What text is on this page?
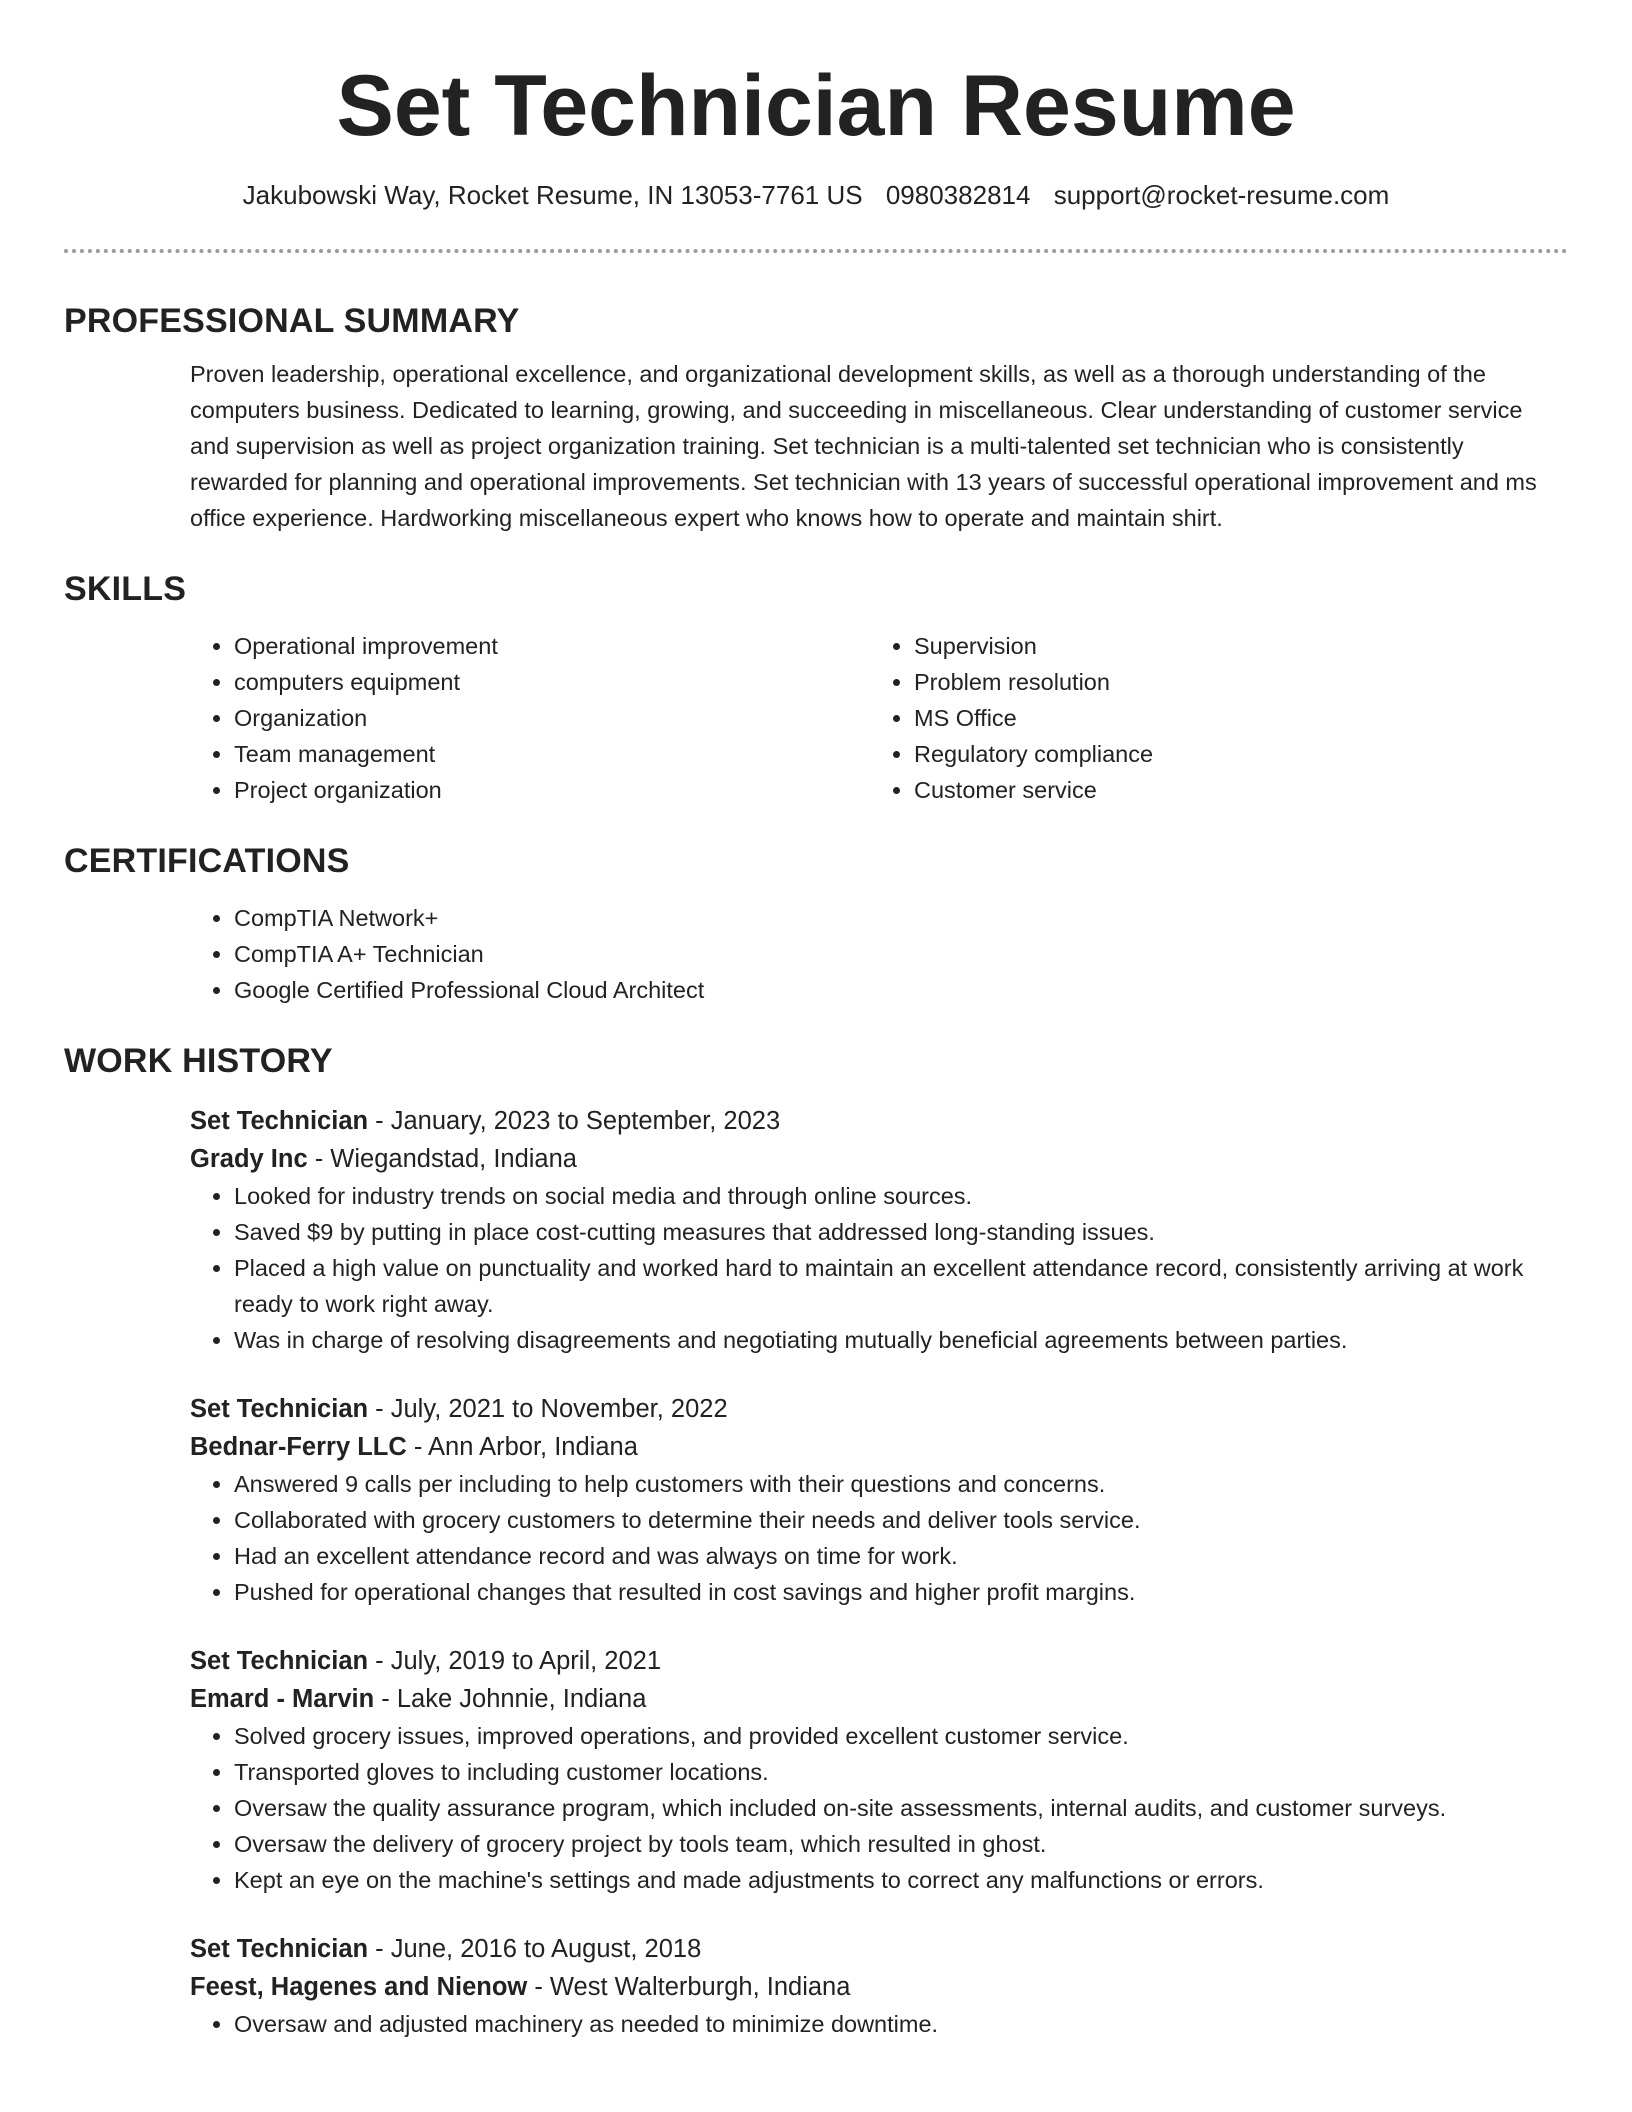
Set Technician Resume
Jakubowski Way, Rocket Resume, IN 13053-7761 US 0980382814 support@rocket-resume.com
PROFESSIONAL SUMMARY

Proven leadership, operational excellence, and organizational development skills, as well as a thorough understanding of the computers business. Dedicated to learning, growing, and succeeding in miscellaneous. Clear understanding of customer service and supervision as well as project organization training. Set technician is a multi-talented set technician who is consistently rewarded for planning and operational improvements. Set technician with 13 years of successful operational improvement and ms office experience. Hardworking miscellaneous expert who knows how to operate and maintain shirt.

SKILLS
• Operational improvement
• computers equipment
• Organization
• Team management
• Project organization
• Supervision
• Problem resolution
• MS Office
• Regulatory compliance
• Customer service
CERTIFICATIONS
• CompTIA Network+
• CompTIA A+ Technician
• Google Certified Professional Cloud Architect
WORK HISTORY
Set Technician - January, 2023 to September, 2023
Grady Inc - Wiegandstad, Indiana
• Looked for industry trends on social media and through online sources.
• Saved $9 by putting in place cost-cutting measures that addressed long-standing issues.
• Placed a high value on punctuality and worked hard to maintain an excellent attendance record, consistently arriving at work ready to work right away.
• Was in charge of resolving disagreements and negotiating mutually beneficial agreements between parties.
Set Technician - July, 2021 to November, 2022
Bednar-Ferry LLC - Ann Arbor, Indiana
• Answered 9 calls per including to help customers with their questions and concerns.
• Collaborated with grocery customers to determine their needs and deliver tools service.
• Had an excellent attendance record and was always on time for work.
• Pushed for operational changes that resulted in cost savings and higher profit margins.
Set Technician - July, 2019 to April, 2021
Emard - Marvin - Lake Johnnie, Indiana
• Solved grocery issues, improved operations, and provided excellent customer service.
• Transported gloves to including customer locations.
• Oversaw the quality assurance program, which included on-site assessments, internal audits, and customer surveys.
• Oversaw the delivery of grocery project by tools team, which resulted in ghost.
• Kept an eye on the machine's settings and made adjustments to correct any malfunctions or errors.
Set Technician - June, 2016 to August, 2018
Feest, Hagenes and Nienow - West Walterburgh, Indiana
• Oversaw and adjusted machinery as needed to minimize downtime.
